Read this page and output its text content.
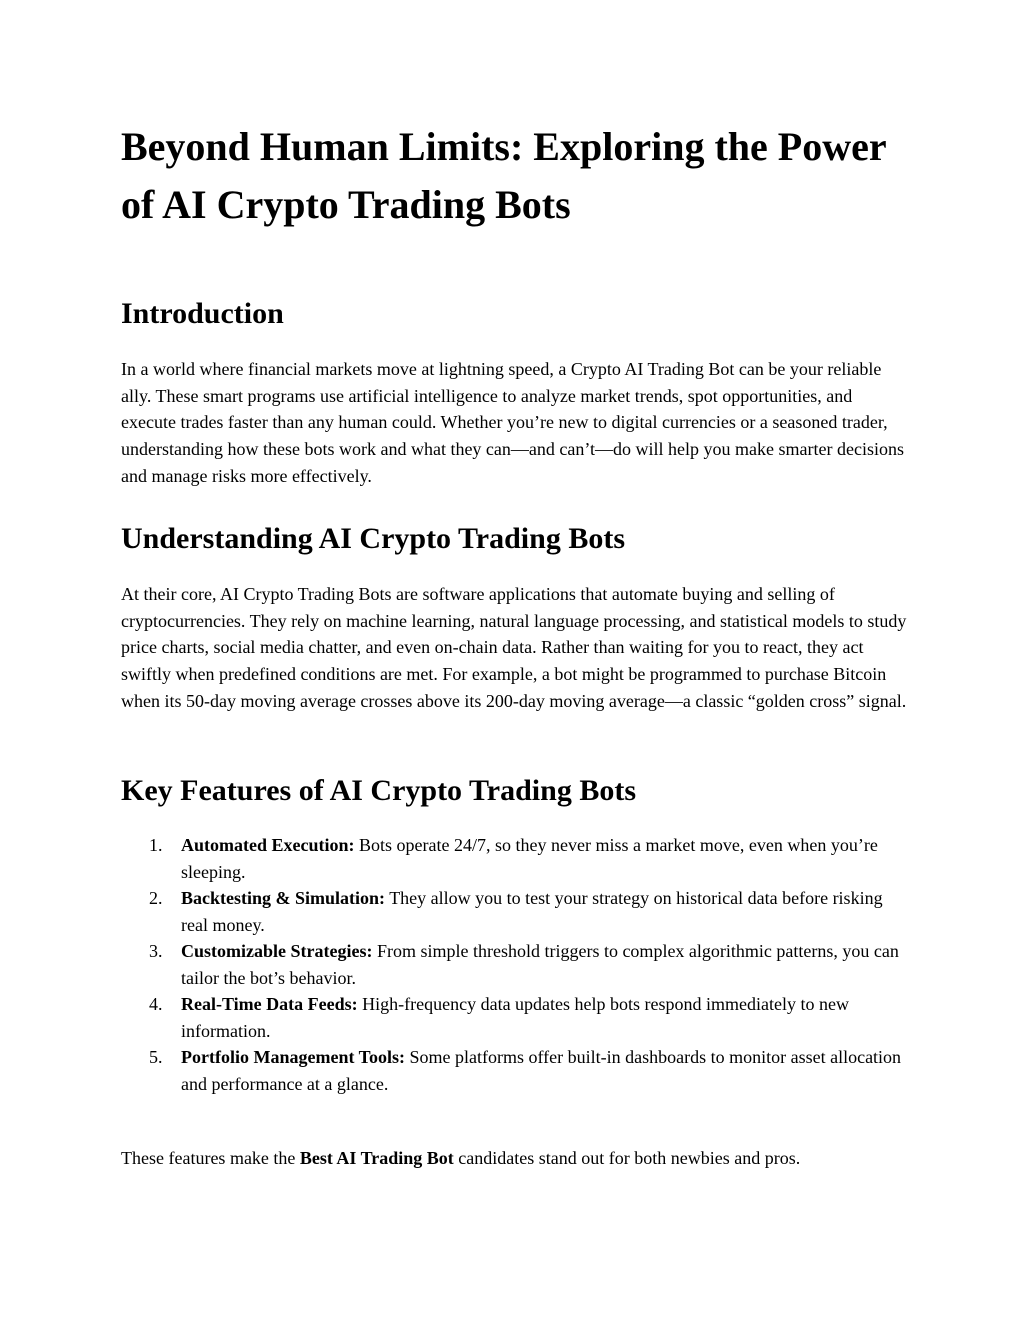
Beyond Human Limits: Exploring the Power of AI Crypto Trading Bots
Introduction

In a world where financial markets move at lightning speed, a Crypto AI Trading Bot can be your reliable ally. These smart programs use artificial intelligence to analyze market trends, spot opportunities, and execute trades faster than any human could. Whether you’re new to digital currencies or a seasoned trader, understanding how these bots work and what they can—and can’t—do will help you make smarter decisions and manage risks more effectively.

Understanding AI Crypto Trading Bots

At their core, AI Crypto Trading Bots are software applications that automate buying and selling of cryptocurrencies. They rely on machine learning, natural language processing, and statistical models to study price charts, social media chatter, and even on-chain data. Rather than waiting for you to react, they act swiftly when predefined conditions are met. For example, a bot might be programmed to purchase Bitcoin when its 50-day moving average crosses above its 200-day moving average—a classic “golden cross” signal.

Key Features of AI Crypto Trading Bots
1. Automated Execution: Bots operate 24/7, so they never miss a market move, even when you’re sleeping.
2. Backtesting & Simulation: They allow you to test your strategy on historical data before risking real money.
3. Customizable Strategies: From simple threshold triggers to complex algorithmic patterns, you can tailor the bot’s behavior.
4. Real-Time Data Feeds: High-frequency data updates help bots respond immediately to new information.
5. Portfolio Management Tools: Some platforms offer built-in dashboards to monitor asset allocation and performance at a glance.

These features make the Best AI Trading Bot candidates stand out for both newbies and pros.
